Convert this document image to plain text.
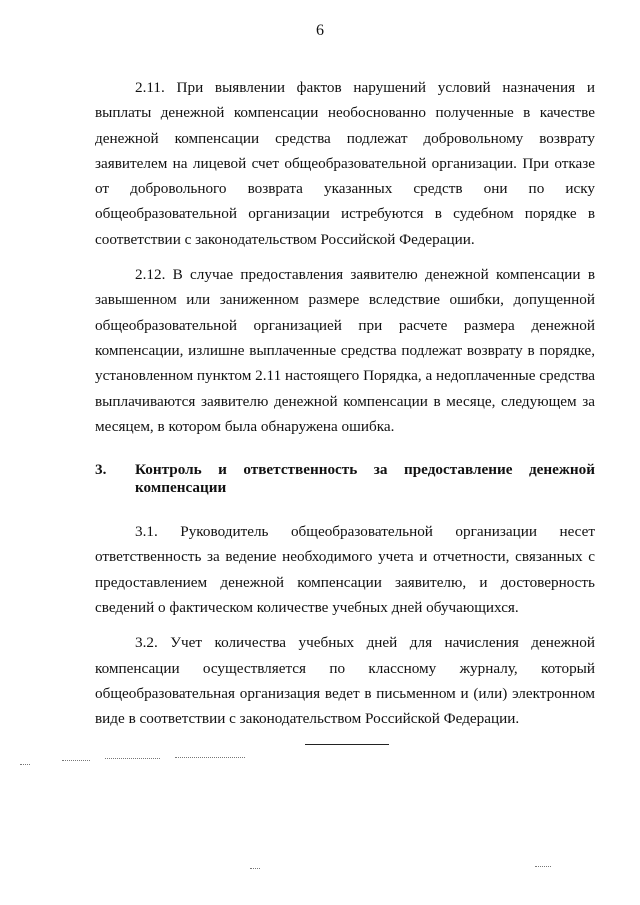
6

2.11. При выявлении фактов нарушений условий назначения и выплаты денежной компенсации необоснованно полученные в качестве денежной компенсации средства подлежат добровольному возврату заявителем на лицевой счет общеобразовательной организации. При отказе от добровольного возврата указанных средств они по иску общеобразовательной организации истребуются в судебном порядке в соответствии с законодательством Российской Федерации.

2.12. В случае предоставления заявителю денежной компенсации в завышенном или заниженном размере вследствие ошибки, допущенной общеобразовательной организацией при расчете размера денежной компенсации, излишне выплаченные средства подлежат возврату в порядке, установленном пунктом 2.11 настоящего Порядка, а недоплаченные средства выплачиваются заявителю денежной компенсации в месяце, следующем за месяцем, в котором была обнаружена ошибка.

3.	Контроль и ответственность за предоставление денежной компенсации

3.1. Руководитель общеобразовательной организации несет ответственность за ведение необходимого учета и отчетности, связанных с предоставлением денежной компенсации заявителю, и достоверность сведений о фактическом количестве учебных дней обучающихся.

3.2. Учет количества учебных дней для начисления денежной компенсации осуществляется по классному журналу, который общеобразовательная организация ведет в письменном и (или) электронном виде в соответствии с законодательством Российской Федерации.
